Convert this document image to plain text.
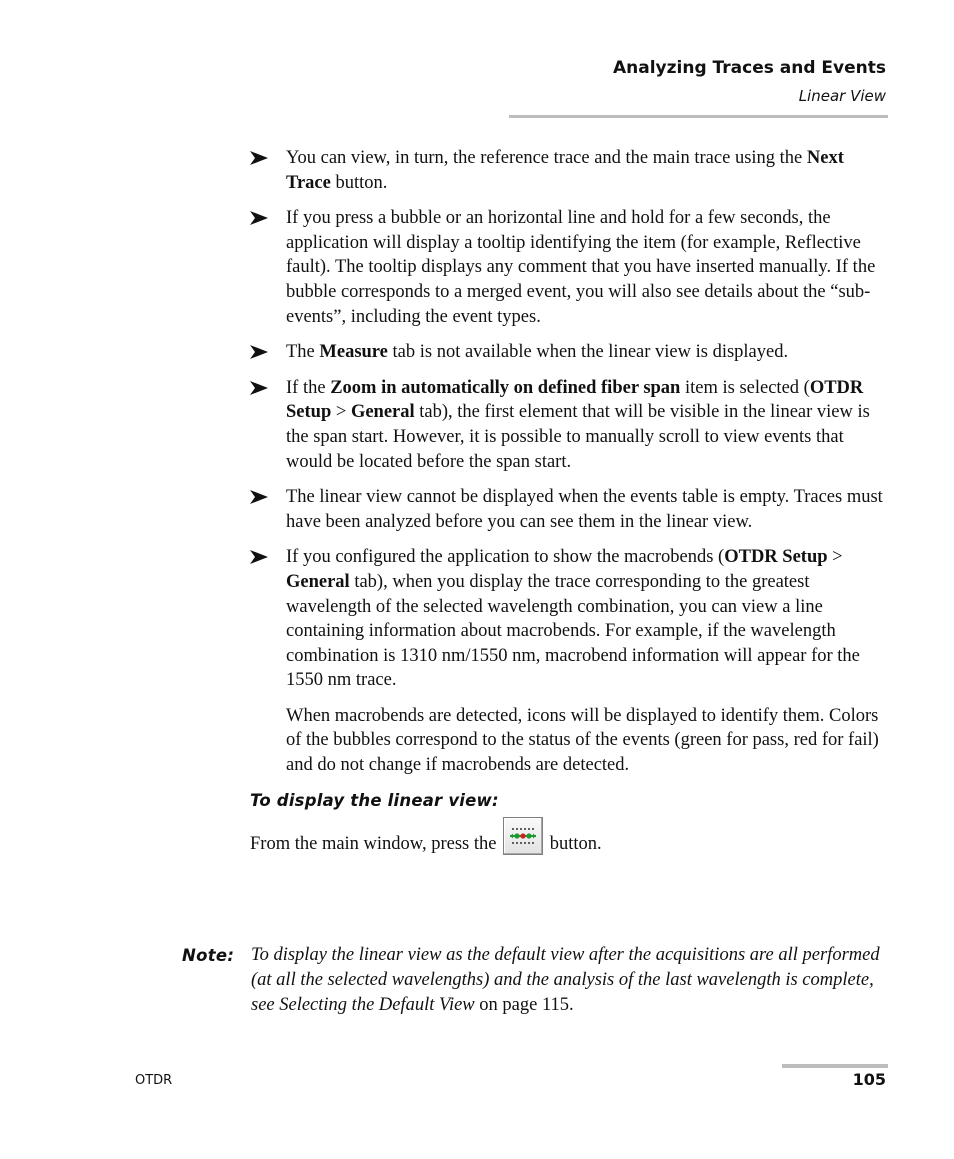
Analyzing Traces and Events
Linear View
You can view, in turn, the reference trace and the main trace using the Next Trace button.
If you press a bubble or an horizontal line and hold for a few seconds, the application will display a tooltip identifying the item (for example, Reflective fault). The tooltip displays any comment that you have inserted manually. If the bubble corresponds to a merged event, you will also see details about the “sub-events”, including the event types.
The Measure tab is not available when the linear view is displayed.
If the Zoom in automatically on defined fiber span item is selected (OTDR Setup > General tab), the first element that will be visible in the linear view is the span start. However, it is possible to manually scroll to view events that would be located before the span start.
The linear view cannot be displayed when the events table is empty. Traces must have been analyzed before you can see them in the linear view.
If you configured the application to show the macrobends (OTDR Setup > General tab), when you display the trace corresponding to the greatest wavelength of the selected wavelength combination, you can view a line containing information about macrobends. For example, if the wavelength combination is 1310 nm/1550 nm, macrobend information will appear for the 1550 nm trace.

When macrobends are detected, icons will be displayed to identify them. Colors of the bubbles correspond to the status of the events (green for pass, red for fail) and do not change if macrobends are detected.

To display the linear view:

From the main window, press the
button.

Note: To display the linear view as the default view after the acquisitions are all performed (at all the selected wavelengths) and the analysis of the last wavelength is complete, see Selecting the Default View on page 115.
OTDR	105
